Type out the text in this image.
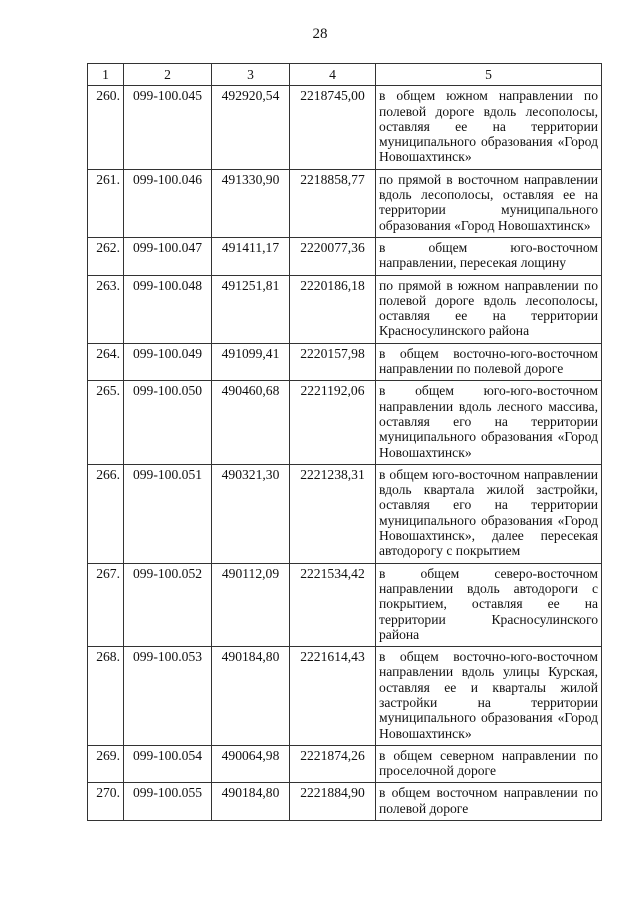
28
1	2	3	4	5
260.	099-100.045	492920,54	2218745,00	в общем южном направлении по полевой дороге вдоль лесополосы, оставляя ее на территории муниципального образования «Город Новошахтинск»
261.	099-100.046	491330,90	2218858,77	по прямой в восточном направлении вдоль лесополосы, оставляя ее на территории муниципального образования «Город Новошахтинск»
262.	099-100.047	491411,17	2220077,36	в общем юго-восточном направлении, пересекая лощину
263.	099-100.048	491251,81	2220186,18	по прямой в южном направлении по полевой дороге вдоль лесополосы, оставляя ее на территории Красносулинского района
264.	099-100.049	491099,41	2220157,98	в общем восточно-юго-восточном направлении по полевой дороге
265.	099-100.050	490460,68	2221192,06	в общем юго-юго-восточном направлении вдоль лесного массива, оставляя его на территории муниципального образования «Город Новошахтинск»
266.	099-100.051	490321,30	2221238,31	в общем юго-восточном направлении вдоль квартала жилой застройки, оставляя его на территории муниципального образования «Город Новошахтинск», далее пересекая автодорогу с покрытием
267.	099-100.052	490112,09	2221534,42	в общем северо-восточном направлении вдоль автодороги с покрытием, оставляя ее на территории Красносулинского района
268.	099-100.053	490184,80	2221614,43	в общем восточно-юго-восточном направлении вдоль улицы Курская, оставляя ее и кварталы жилой застройки на территории муниципального образования «Город Новошахтинск»
269.	099-100.054	490064,98	2221874,26	в общем северном направлении по проселочной дороге
270.	099-100.055	490184,80	2221884,90	в общем восточном направлении по полевой дороге
